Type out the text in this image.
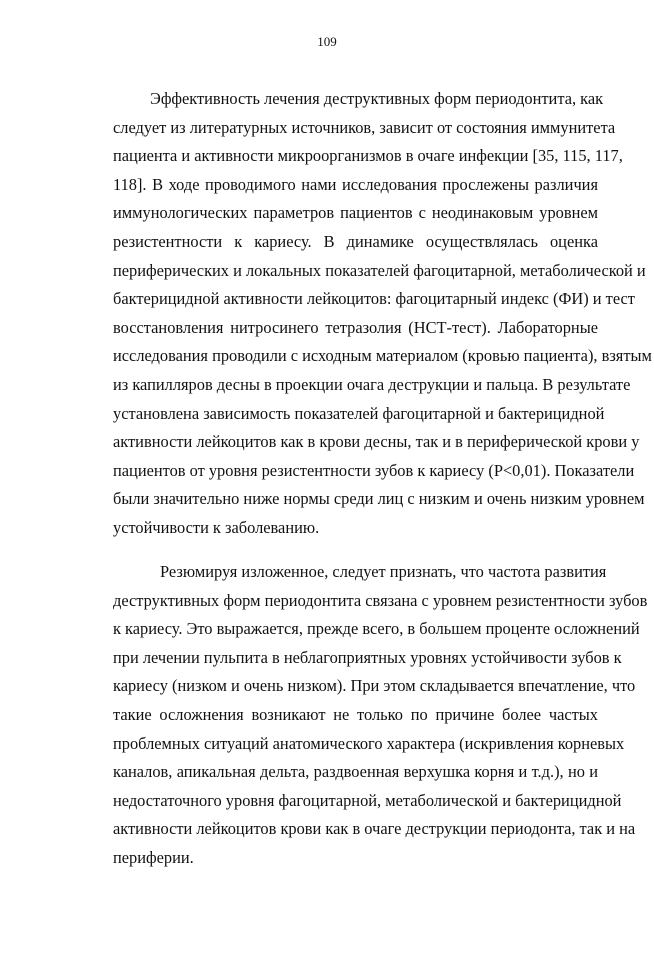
109
Эффективность лечения деструктивных форм периодонтита, как
следует из литературных источников, зависит от состояния иммунитета
пациента и активности микроорганизмов в очаге инфекции [35, 115, 117,
118]. В ходе проводимого нами исследования прослежены различия
иммунологических параметров пациентов с неодинаковым уровнем
резистентности к кариесу. В динамике осуществлялась оценка
периферических и локальных показателей фагоцитарной, метаболической и
бактерицидной активности лейкоцитов: фагоцитарный индекс (ФИ) и тест
восстановления нитросинего тетразолия (НСТ-тест). Лабораторные
исследования проводили с исходным материалом (кровью пациента), взятым
из капилляров десны в проекции очага деструкции и пальца. В результате
установлена зависимость показателей фагоцитарной и бактерицидной
активности лейкоцитов как в крови десны, так и в периферической крови у
пациентов от уровня резистентности зубов к кариесу (P<0,01). Показатели
были значительно ниже нормы среди лиц с низким и очень низким уровнем
устойчивости к заболеванию.
Резюмируя изложенное, следует признать, что частота развития
деструктивных форм периодонтита связана с уровнем резистентности зубов
к кариесу. Это выражается, прежде всего, в большем проценте осложнений
при лечении пульпита в неблагоприятных уровнях устойчивости зубов к
кариесу (низком и очень низком). При этом складывается впечатление, что
такие осложнения возникают не только по причине более частых
проблемных ситуаций анатомического характера (искривления корневых
каналов, апикальная дельта, раздвоенная верхушка корня и т.д.), но и
недостаточного уровня фагоцитарной, метаболической и бактерицидной
активности лейкоцитов крови как в очаге деструкции периодонта, так и на
периферии.
